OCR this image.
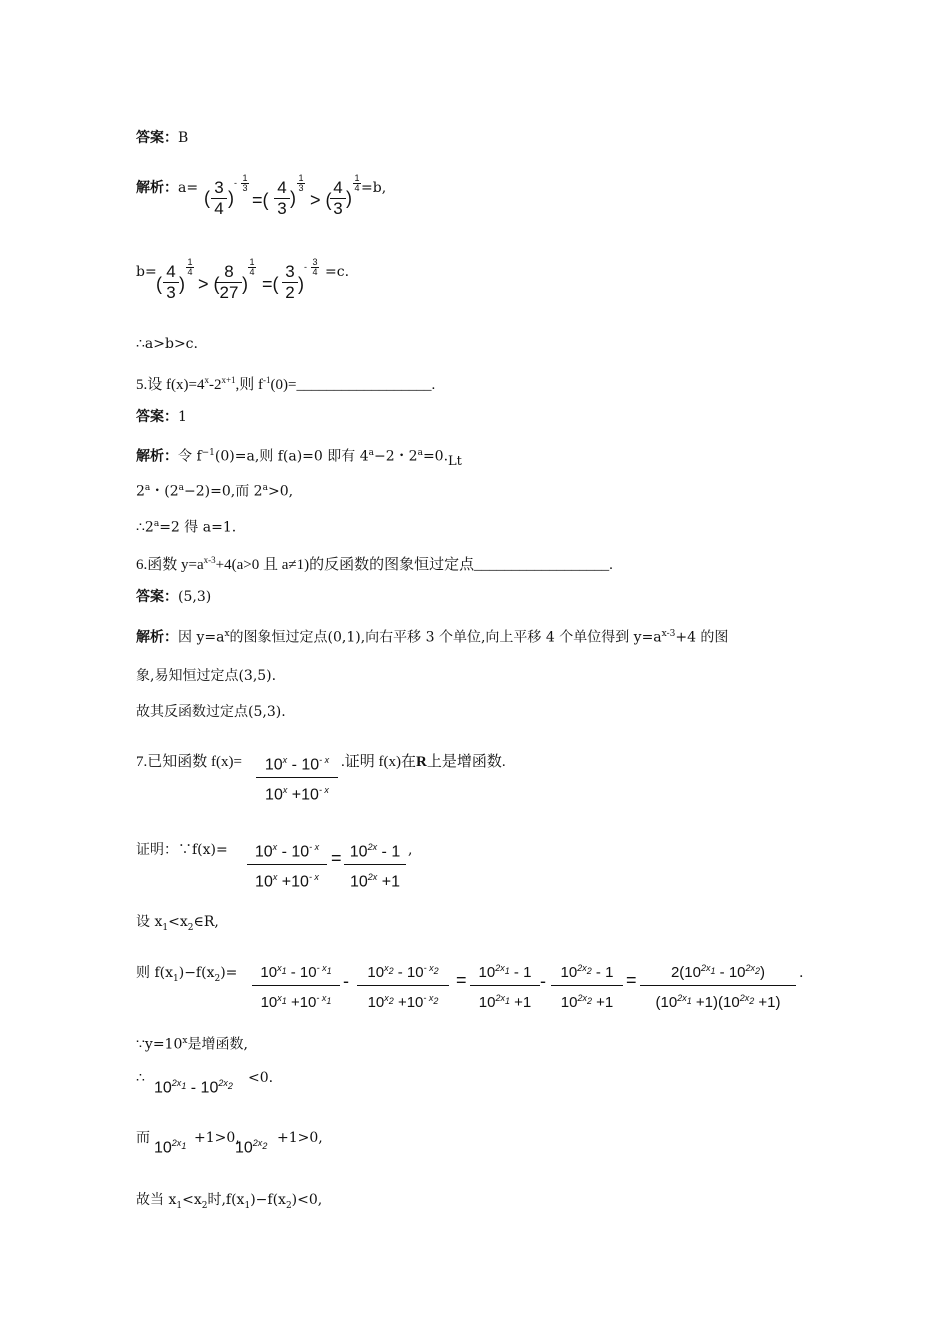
答案：B
解析：a= (
3
4
)
- 1
3
=(
4
3
)
1
3
> (
4
3
)
1
4 =b,
b=
(
4
3 )
1
4
> (
8
27 )
1
4
=(
3
2 )
- 3
4 =c.
∴a>b>c.
5.设 $f(x)=4^x-2^{x+1}$,则 $f^{-1}(0)=\_\_\_\_\_\_\_\_\_\_\_\_\_\_\_\_\_\_$.
答案：1
解析：令 $f^{-1}(0)=a$,则 f(a)=0 即有 $4^a-2$・$2^a=0.Lt$
2$^a$・$(2^a-2)=0$,而 $2^a>0$,
$\therefore 2^a=2$ 得 a=1.
6.函数 $y=a^{x-3}+4(a>0$ 且 a≠1)的反函数的图象恒过定点__________________.
答案：(5,3)
解析：因 $y=a^x$的图象恒过定点(0,1),向右平移 3 个单位,向上平移 4 个单位得到 $y=a^{x-3}+4$ 的图
象,易知恒过定点(3,5).
故其反函数过定点(5,3).
7.已知函数 f(x)=	$10^x - 10^{- x}$
$10^x +10^{- x}$
.证明 f(x)在R上是增函数.
证明：∵f(x)=	$10^x - 10^{- x}$
$10^x +10^{- x}$
= $10^{2x} - 1$
$10^{2x} +1$
,
设 $x_1<x_2\in R$,
则 $f(x_1)-f(x_2)=$	$10^{x_1} - 10^{- x_1}$
$10^{x_1} +10^{- x_1}$
-	$10^{x_2} - 10^{- x_2}$
$10^{x_2} +10^{- x_2}$
= $10^{2x_1} - 1$
$10^{2x_1} +1$
- $10^{2x_2} - 1$
$10^{2x_2} +1$
=	$2(10^{2x_1} - 10^{2x_2})$
$(10^{2x_1} +1)(10^{2x_2} +1)$
.
$\because y=10^x$是增函数,
∴
$10^{2x_1} - 10^{2x_2} <0$.
而
$10^{2x_1} +1>0$,
$10^{2x_2} +1>0$,
故当 $x_1<x_2$时$,f(x_1)-f(x_2)<0$,
